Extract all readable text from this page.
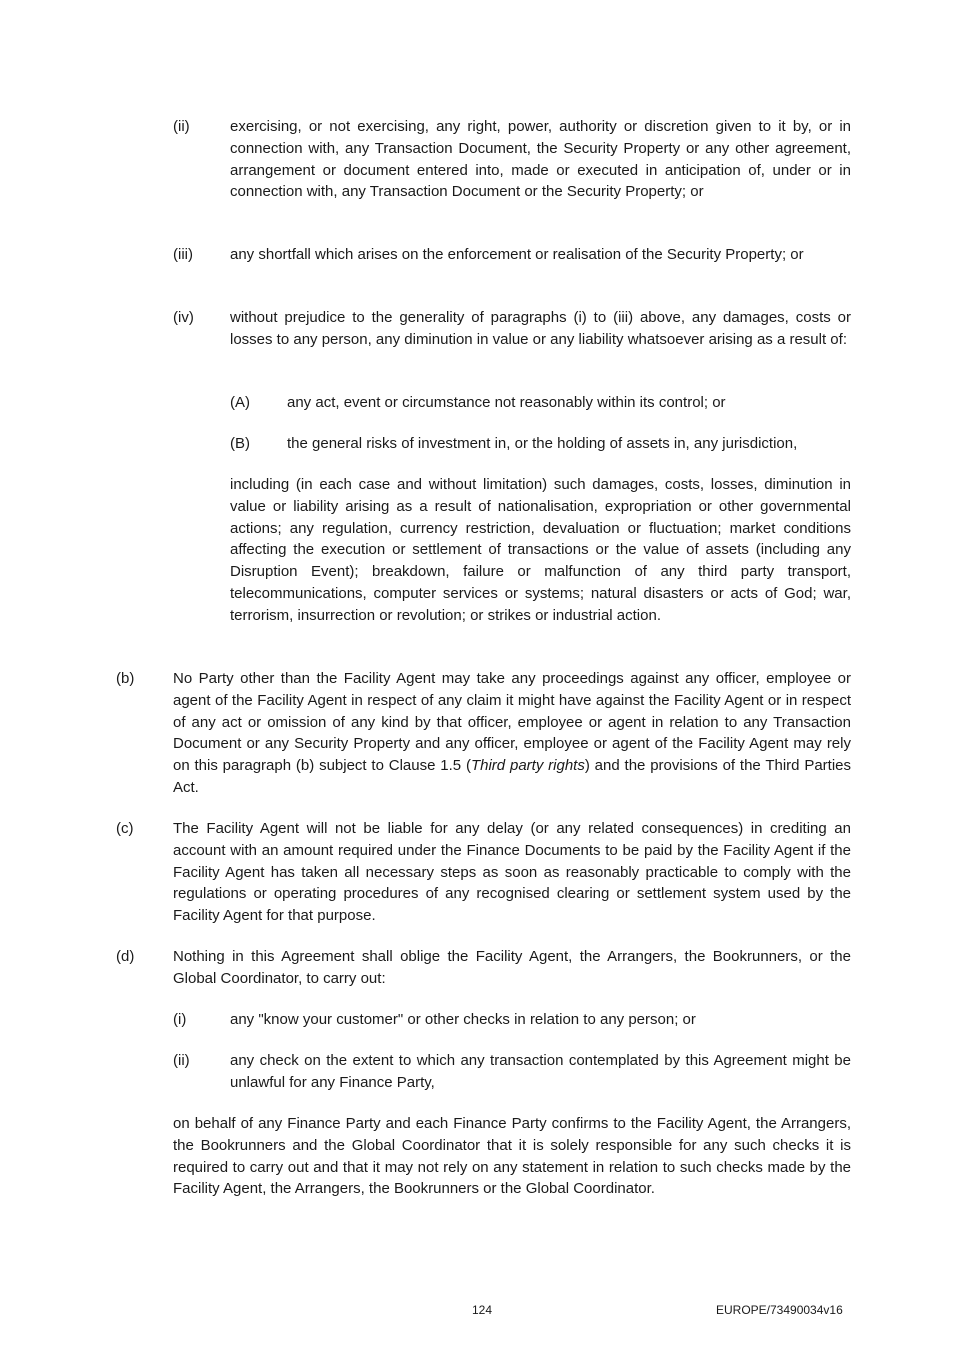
(ii)	exercising, or not exercising, any right, power, authority or discretion given to it by, or in connection with, any Transaction Document, the Security Property or any other agreement, arrangement or document entered into, made or executed in anticipation of, under or in connection with, any Transaction Document or the Security Property; or

(iii) any shortfall which arises on the enforcement or realisation of the Security Property; or

(iv) without prejudice to the generality of paragraphs (i) to (iii) above, any damages, costs or losses to any person, any diminution in value or any liability whatsoever arising as a result of:

(A) any act, event or circumstance not reasonably within its control; or

(B) the general risks of investment in, or the holding of assets in, any jurisdiction,

including (in each case and without limitation) such damages, costs, losses, diminution in value or liability arising as a result of nationalisation, expropriation or other governmental actions; any regulation, currency restriction, devaluation or fluctuation; market conditions affecting the execution or settlement of transactions or the value of assets (including any Disruption Event); breakdown, failure or malfunction of any third party transport, telecommunications, computer services or systems; natural disasters or acts of God; war, terrorism, insurrection or revolution; or strikes or industrial action.

(b)	No Party other than the Facility Agent may take any proceedings against any officer, employee or agent of the Facility Agent in respect of any claim it might have against the Facility Agent or in respect of any act or omission of any kind by that officer, employee or agent in relation to any Transaction Document or any Security Property and any officer, employee or agent of the Facility Agent may rely on this paragraph (b) subject to Clause 1.5 (Third party rights) and the provisions of the Third Parties Act.

(c)	The Facility Agent will not be liable for any delay (or any related consequences) in crediting an account with an amount required under the Finance Documents to be paid by the Facility Agent if the Facility Agent has taken all necessary steps as soon as reasonably practicable to comply with the regulations or operating procedures of any recognised clearing or settlement system used by the Facility Agent for that purpose.

(d)	Nothing in this Agreement shall oblige the Facility Agent, the Arrangers, the Bookrunners, or the Global Coordinator, to carry out:

(i)	any "know your customer" or other checks in relation to any person; or

(ii)	any check on the extent to which any transaction contemplated by this Agreement might be unlawful for any Finance Party,

on behalf of any Finance Party and each Finance Party confirms to the Facility Agent, the Arrangers, the Bookrunners and the Global Coordinator that it is solely responsible for any such checks it is required to carry out and that it may not rely on any statement in relation to such checks made by the Facility Agent, the Arrangers, the Bookrunners or the Global Coordinator.

124	EUROPE/73490034v16
